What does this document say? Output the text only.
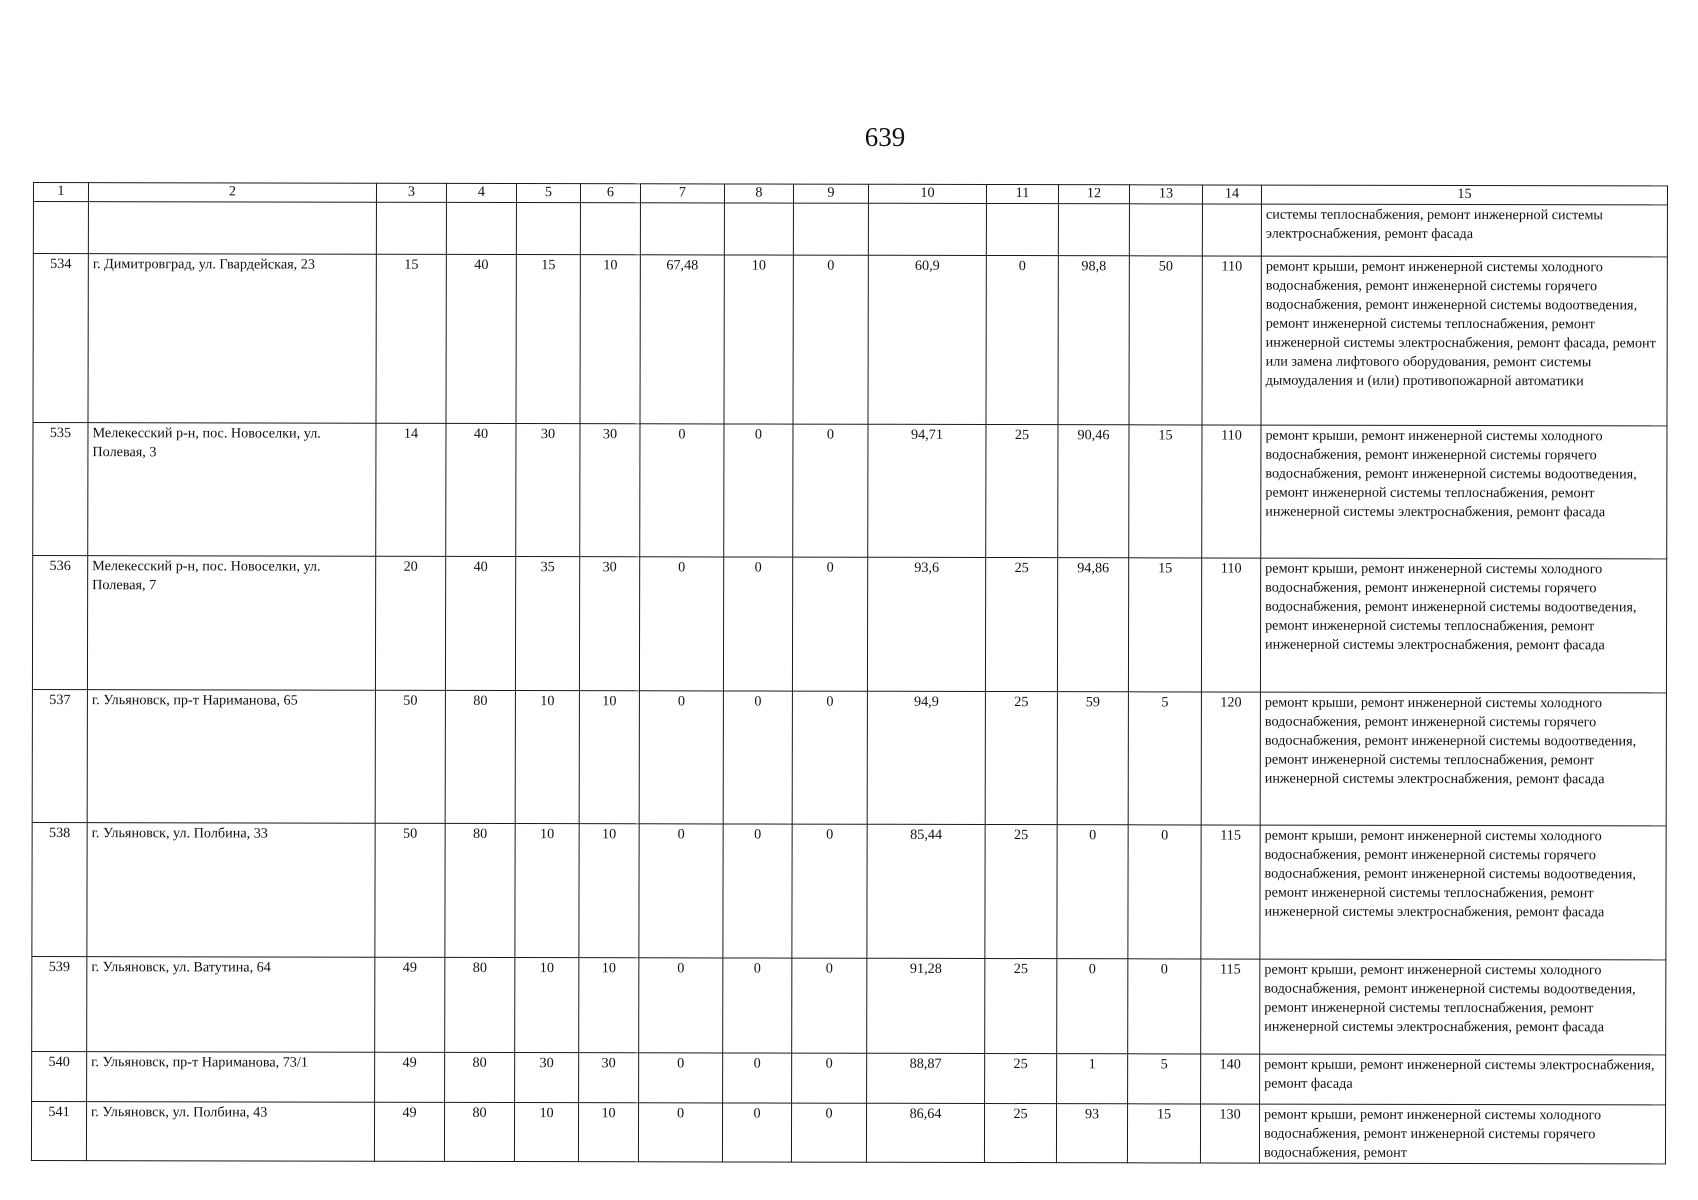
639
1	2	3	4	5	6	7	8	9	10	11	12	13	14	15
														системы теплоснабжения, ремонт инженерной системы электроснабжения, ремонт фасада
534	г. Димитровград, ул. Гвардейская, 23	15	40	15	10	67,48	10	0	60,9	0	98,8	50	110	ремонт крыши, ремонт инженерной системы холодного водоснабжения, ремонт инженерной системы горячего водоснабжения, ремонт инженерной системы водоотведения, ремонт инженерной системы теплоснабжения, ремонт инженерной системы электроснабжения, ремонт фасада, ремонт или замена лифтового оборудования, ремонт системы дымоудаления и (или) противопожарной автоматики
535	Мелекесский р-н, пос. Новоселки, ул. Полевая, 3	14	40	30	30	0	0	0	94,71	25	90,46	15	110	ремонт крыши, ремонт инженерной системы холодного водоснабжения, ремонт инженерной системы горячего водоснабжения, ремонт инженерной системы водоотведения, ремонт инженерной системы теплоснабжения, ремонт инженерной системы электроснабжения, ремонт фасада
536	Мелекесский р-н, пос. Новоселки, ул. Полевая, 7	20	40	35	30	0	0	0	93,6	25	94,86	15	110	ремонт крыши, ремонт инженерной системы холодного водоснабжения, ремонт инженерной системы горячего водоснабжения, ремонт инженерной системы водоотведения, ремонт инженерной системы теплоснабжения, ремонт инженерной системы электроснабжения, ремонт фасада
537	г. Ульяновск, пр-т Нариманова, 65	50	80	10	10	0	0	0	94,9	25	59	5	120	ремонт крыши, ремонт инженерной системы холодного водоснабжения, ремонт инженерной системы горячего водоснабжения, ремонт инженерной системы водоотведения, ремонт инженерной системы теплоснабжения, ремонт инженерной системы электроснабжения, ремонт фасада
538	г. Ульяновск, ул. Полбина, 33	50	80	10	10	0	0	0	85,44	25	0	0	115	ремонт крыши, ремонт инженерной системы холодного водоснабжения, ремонт инженерной системы горячего водоснабжения, ремонт инженерной системы водоотведения, ремонт инженерной системы теплоснабжения, ремонт инженерной системы электроснабжения, ремонт фасада
539	г. Ульяновск, ул. Ватутина, 64	49	80	10	10	0	0	0	91,28	25	0	0	115	ремонт крыши, ремонт инженерной системы холодного водоснабжения, ремонт инженерной системы водоотведения, ремонт инженерной системы теплоснабжения, ремонт инженерной системы электроснабжения, ремонт фасада
540	г. Ульяновск, пр-т Нариманова, 73/1	49	80	30	30	0	0	0	88,87	25	1	5	140	ремонт крыши, ремонт инженерной системы электроснабжения, ремонт фасада
541	г. Ульяновск, ул. Полбина, 43	49	80	10	10	0	0	0	86,64	25	93	15	130	ремонт крыши, ремонт инженерной системы холодного водоснабжения, ремонт инженерной системы горячего водоснабжения, ремонт
